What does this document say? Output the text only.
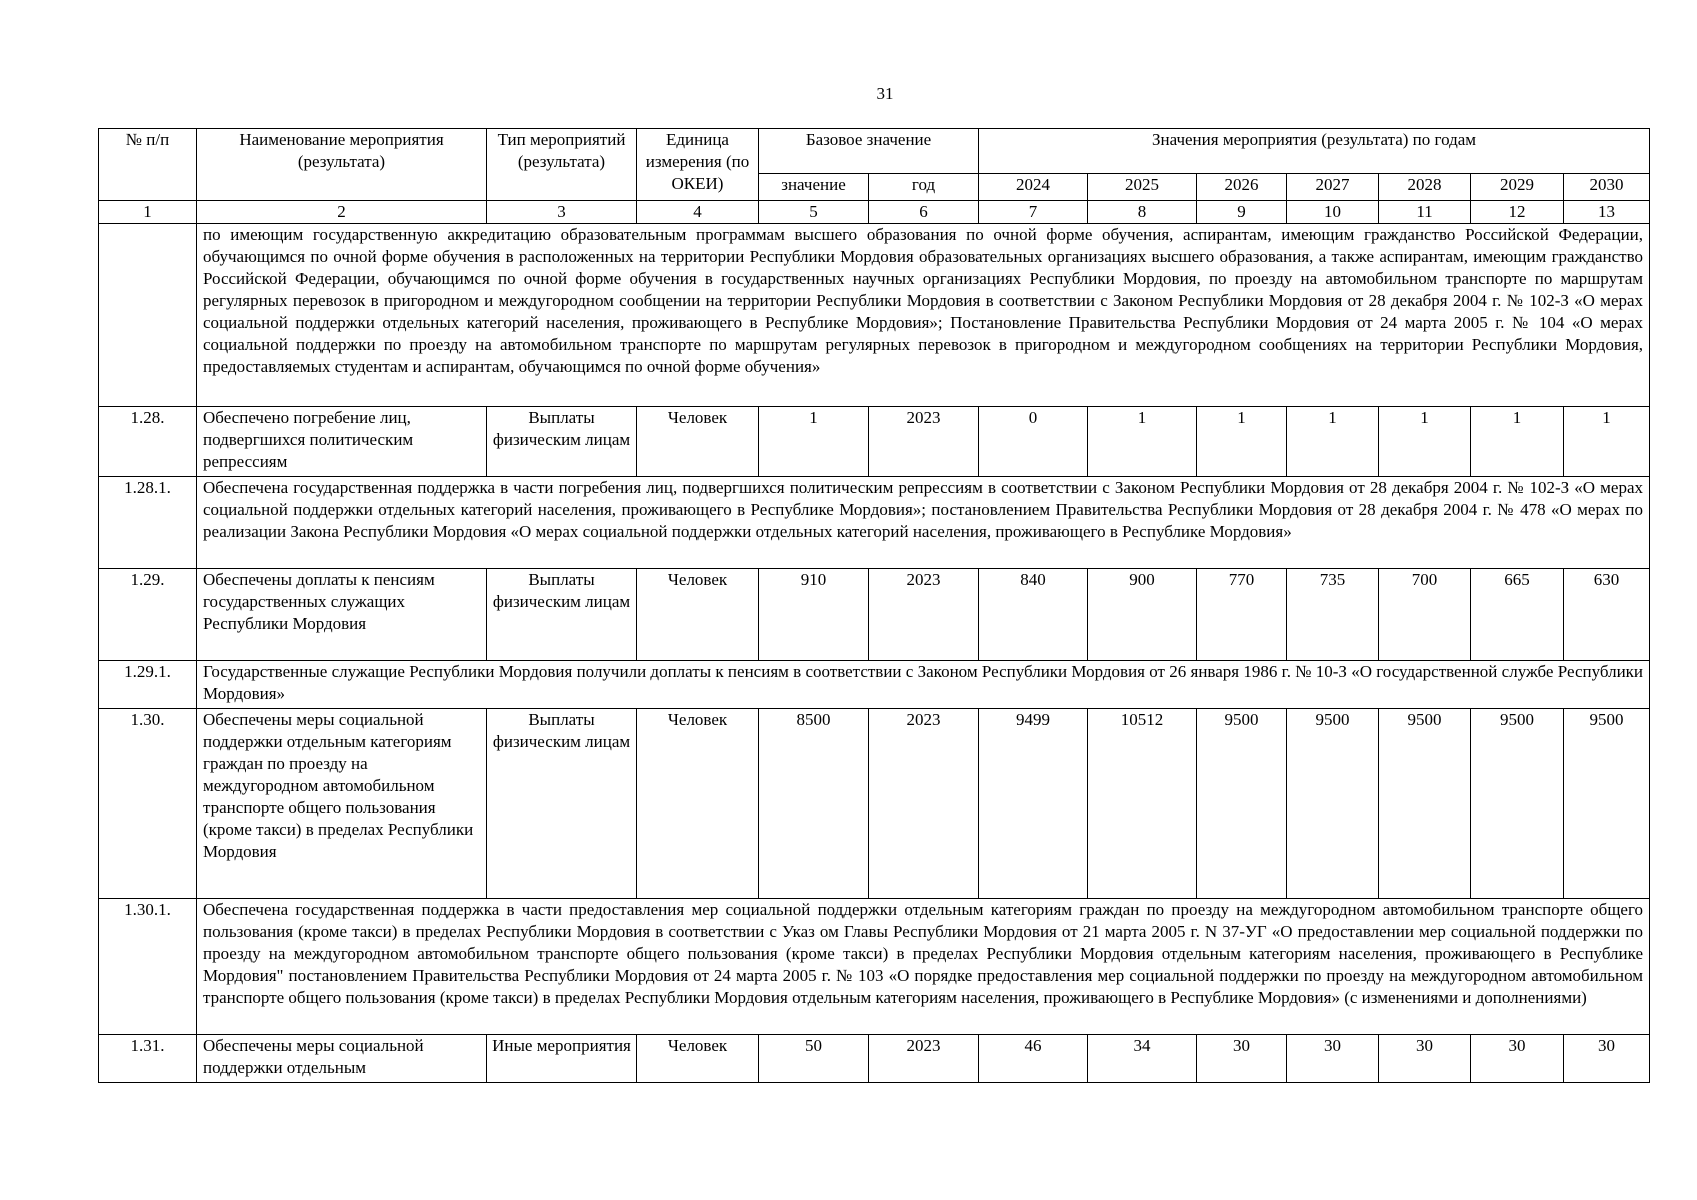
31
№ п/п	Наименование мероприятия (результата)	Тип мероприятий (результата)	Единица измерения (по ОКЕИ)	Базовое значение		Значения мероприятия (результата) по годам						
				значение	год	2024	2025	2026	2027	2028	2029	2030
1	2	3	4	5	6	7	8	9	10	11	12	13
	по имеющим государственную аккредитацию образовательным программам высшего образования по очной форме обучения, аспирантам, имеющим гражданство Российской Федерации, обучающимся по очной форме обучения в расположенных на территории Республики Мордовия образовательных организациях высшего образования, а также аспирантам, имеющим гражданство Российской Федерации, обучающимся по очной форме обучения в государственных научных организациях Республики Мордовия, по проезду на автомобильном транспорте по маршрутам регулярных перевозок в пригородном и междугородном сообщении на территории Республики Мордовия в соответствии с Законом Республики Мордовия от 28 декабря 2004 г. № 102-З «О мерах социальной поддержки отдельных категорий населения, проживающего в Республике Мордовия»; Постановление Правительства Республики Мордовия от 24 марта 2005 г. № 104 «О мерах социальной поддержки по проезду на автомобильном транспорте по маршрутам регулярных перевозок в пригородном и междугородном сообщениях на территории Республики Мордовия, предоставляемых студентам и аспирантам, обучающимся по очной форме обучения»											
1.28.	Обеспечено погребение лиц, подвергшихся политическим репрессиям	Выплаты физическим лицам	Человек	1	2023	0	1	1	1	1	1	1
1.28.1.	Обеспечена государственная поддержка в части погребения лиц, подвергшихся политическим репрессиям в соответствии с Законом Республики Мордовия от 28 декабря 2004 г. № 102-З «О мерах социальной поддержки отдельных категорий населения, проживающего в Республике Мордовия»; постановлением Правительства Республики Мордовия от 28 декабря 2004 г. № 478 «О мерах по реализации Закона Республики Мордовия «О мерах социальной поддержки отдельных категорий населения, проживающего в Республике Мордовия»											
1.29.	Обеспечены доплаты к пенсиям государственных служащих Республики Мордовия	Выплаты физическим лицам	Человек	910	2023	840	900	770	735	700	665	630
1.29.1.	Государственные служащие Республики Мордовия получили доплаты к пенсиям в соответствии с Законом Республики Мордовия от 26 января 1986 г. № 10-З «О государственной службе Республики Мордовия»											
1.30.	Обеспечены меры социальной поддержки отдельным категориям граждан по проезду на междугородном автомобильном транспорте общего пользования (кроме такси) в пределах Республики Мордовия	Выплаты физическим лицам	Человек	8500	2023	9499	10512	9500	9500	9500	9500	9500
1.30.1.	Обеспечена государственная поддержка в части предоставления мер социальной поддержки отдельным категориям граждан по проезду на междугородном автомобильном транспорте общего пользования (кроме такси) в пределах Республики Мордовия в соответствии с Указ ом Главы Республики Мордовия от 21 марта 2005 г. N 37-УГ «О предоставлении мер социальной поддержки по проезду на междугородном автомобильном транспорте общего пользования (кроме такси) в пределах Республики Мордовия отдельным категориям населения, проживающего в Республике Мордовия" постановлением Правительства Республики Мордовия от 24 марта 2005 г. № 103 «О порядке предоставления мер социальной поддержки по проезду на междугородном автомобильном транспорте общего пользования (кроме такси) в пределах Республики Мордовия отдельным категориям населения, проживающего в Республике Мордовия» (с изменениями и дополнениями)											
1.31.	Обеспечены меры социальной поддержки отдельным	Иные мероприятия	Человек	50	2023	46	34	30	30	30	30	30
